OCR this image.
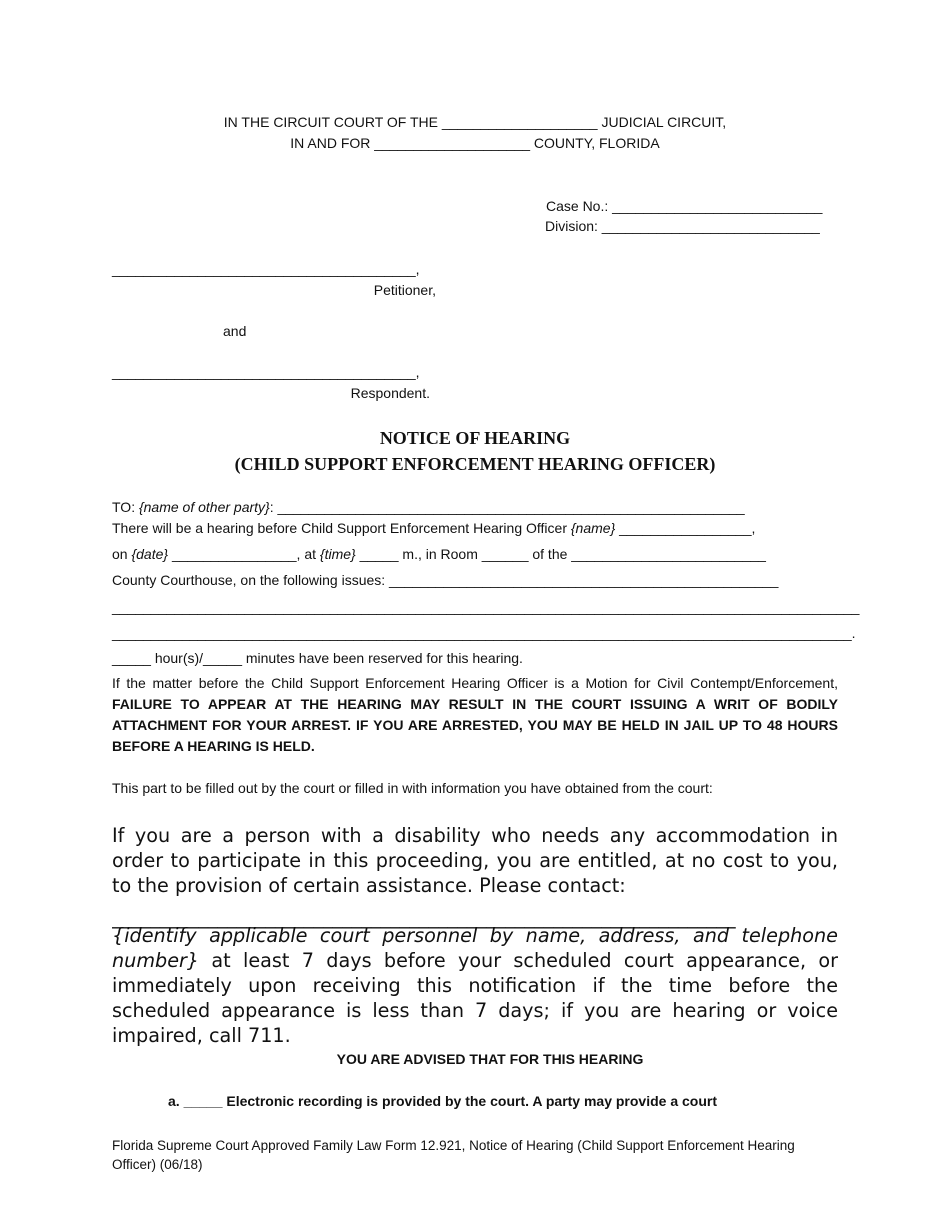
IN THE CIRCUIT COURT OF THE ____________________ JUDICIAL CIRCUIT,
IN AND FOR ____________________ COUNTY, FLORIDA
Case No.: ___________________________
Division: ____________________________
_______________________________________,
Petitioner,
and
_______________________________________,
Respondent.
NOTICE OF HEARING
(CHILD SUPPORT ENFORCEMENT HEARING OFFICER)
TO: {name of other party}: ____________________________________________________________
There will be a hearing before Child Support Enforcement Hearing Officer {name} _________________,
on {date} ________________, at {time} _____ m., in Room ______ of the _________________________
County Courthouse, on the following issues: __________________________________________________
________________________________________________________________________________________________
_______________________________________________________________________________________________.
_____ hour(s)/_____ minutes have been reserved for this hearing.
If the matter before the Child Support Enforcement Hearing Officer is a Motion for Civil Contempt/Enforcement, FAILURE TO APPEAR AT THE HEARING MAY RESULT IN THE COURT ISSUING A WRIT OF BODILY ATTACHMENT FOR YOUR ARREST. IF YOU ARE ARRESTED, YOU MAY BE HELD IN JAIL UP TO 48 HOURS BEFORE A HEARING IS HELD.
This part to be filled out by the court or filled in with information you have obtained from the court:
If you are a person with a disability who needs any accommodation in order to participate in this proceeding, you are entitled, at no cost to you, to the provision of certain assistance. Please contact:
_________________________________________________________________
{identify applicable court personnel by name, address, and telephone number} at least 7 days before your scheduled court appearance, or immediately upon receiving this notification if the time before the scheduled appearance is less than 7 days; if you are hearing or voice impaired, call 711.
YOU ARE ADVISED THAT FOR THIS HEARING
a. _____ Electronic recording is provided by the court. A party may provide a court
Florida Supreme Court Approved Family Law Form 12.921, Notice of Hearing (Child Support Enforcement Hearing
Officer) (06/18)
